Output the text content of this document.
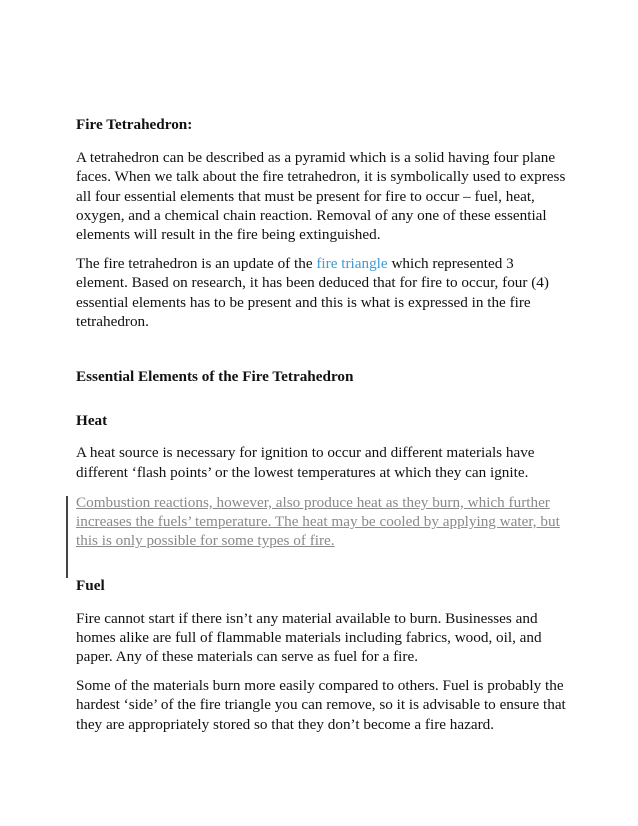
Fire Tetrahedron:

A tetrahedron can be described as a pyramid which is a solid having four plane faces. When we talk about the fire tetrahedron, it is symbolically used to express all four essential elements that must be present for fire to occur – fuel, heat, oxygen, and a chemical chain reaction. Removal of any one of these essential elements will result in the fire being extinguished.

The fire tetrahedron is an update of the fire triangle which represented 3 element. Based on research, it has been deduced that for fire to occur, four (4) essential elements has to be present and this is what is expressed in the fire tetrahedron.

Essential Elements of the Fire Tetrahedron
Heat

A heat source is necessary for ignition to occur and different materials have different ‘flash points’ or the lowest temperatures at which they can ignite.

Combustion reactions, however, also produce heat as they burn, which further increases the fuels’ temperature. The heat may be cooled by applying water, but this is only possible for some types of fire.

Fuel

Fire cannot start if there isn’t any material available to burn. Businesses and homes alike are full of flammable materials including fabrics, wood, oil, and paper. Any of these materials can serve as fuel for a fire.

Some of the materials burn more easily compared to others. Fuel is probably the hardest ‘side’ of the fire triangle you can remove, so it is advisable to ensure that they are appropriately stored so that they don’t become a fire hazard.
